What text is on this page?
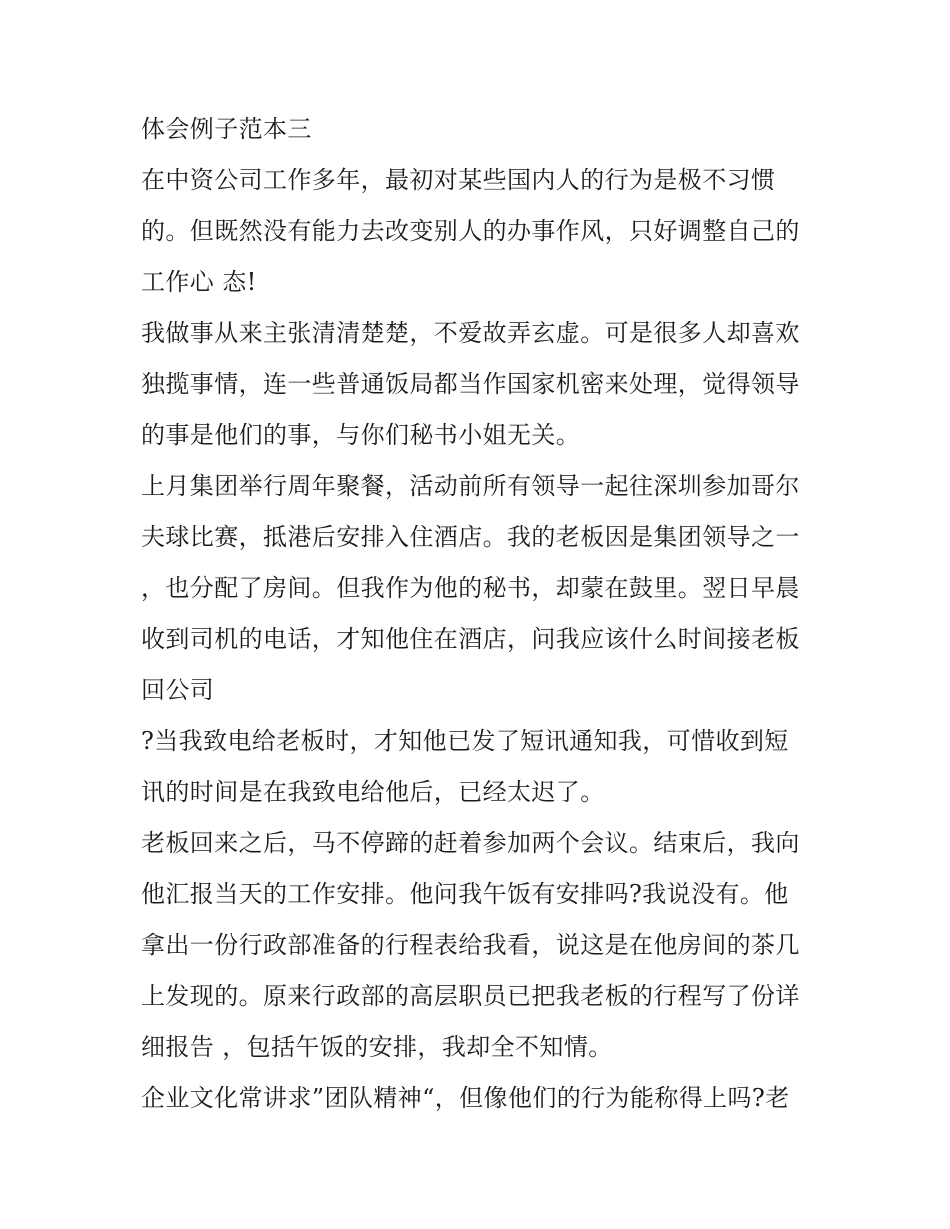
体会例子范本三
在中资公司工作多年，最初对某些国内人的行为是极不习惯
的。但既然没有能力去改变别人的办事作风，只好调整自己的
工作心 态!
我做事从来主张清清楚楚，不爱故弄玄虚。可是很多人却喜欢
独揽事情，连一些普通饭局都当作国家机密来处理，觉得领导
的事是他们的事，与你们秘书小姐无关。
上月集团举行周年聚餐，活动前所有领导一起往深圳参加哥尔
夫球比赛，抵港后安排入住酒店。我的老板因是集团领导之一
，也分配了房间。但我作为他的秘书，却蒙在鼓里。翌日早晨
收到司机的电话，才知他住在酒店，问我应该什么时间接老板
回公司
?当我致电给老板时，才知他已发了短讯通知我，可惜收到短
讯的时间是在我致电给他后，已经太迟了。
老板回来之后，马不停蹄的赶着参加两个会议。结束后，我向
他汇报当天的工作安排。他问我午饭有安排吗?我说没有。他
拿出一份行政部准备的行程表给我看，说这是在他房间的茶几
上发现的。原来行政部的高层职员已把我老板的行程写了份详
细报告 ，包括午饭的安排，我却全不知情。
企业文化常讲求”团队精神“，但像他们的行为能称得上吗?老
